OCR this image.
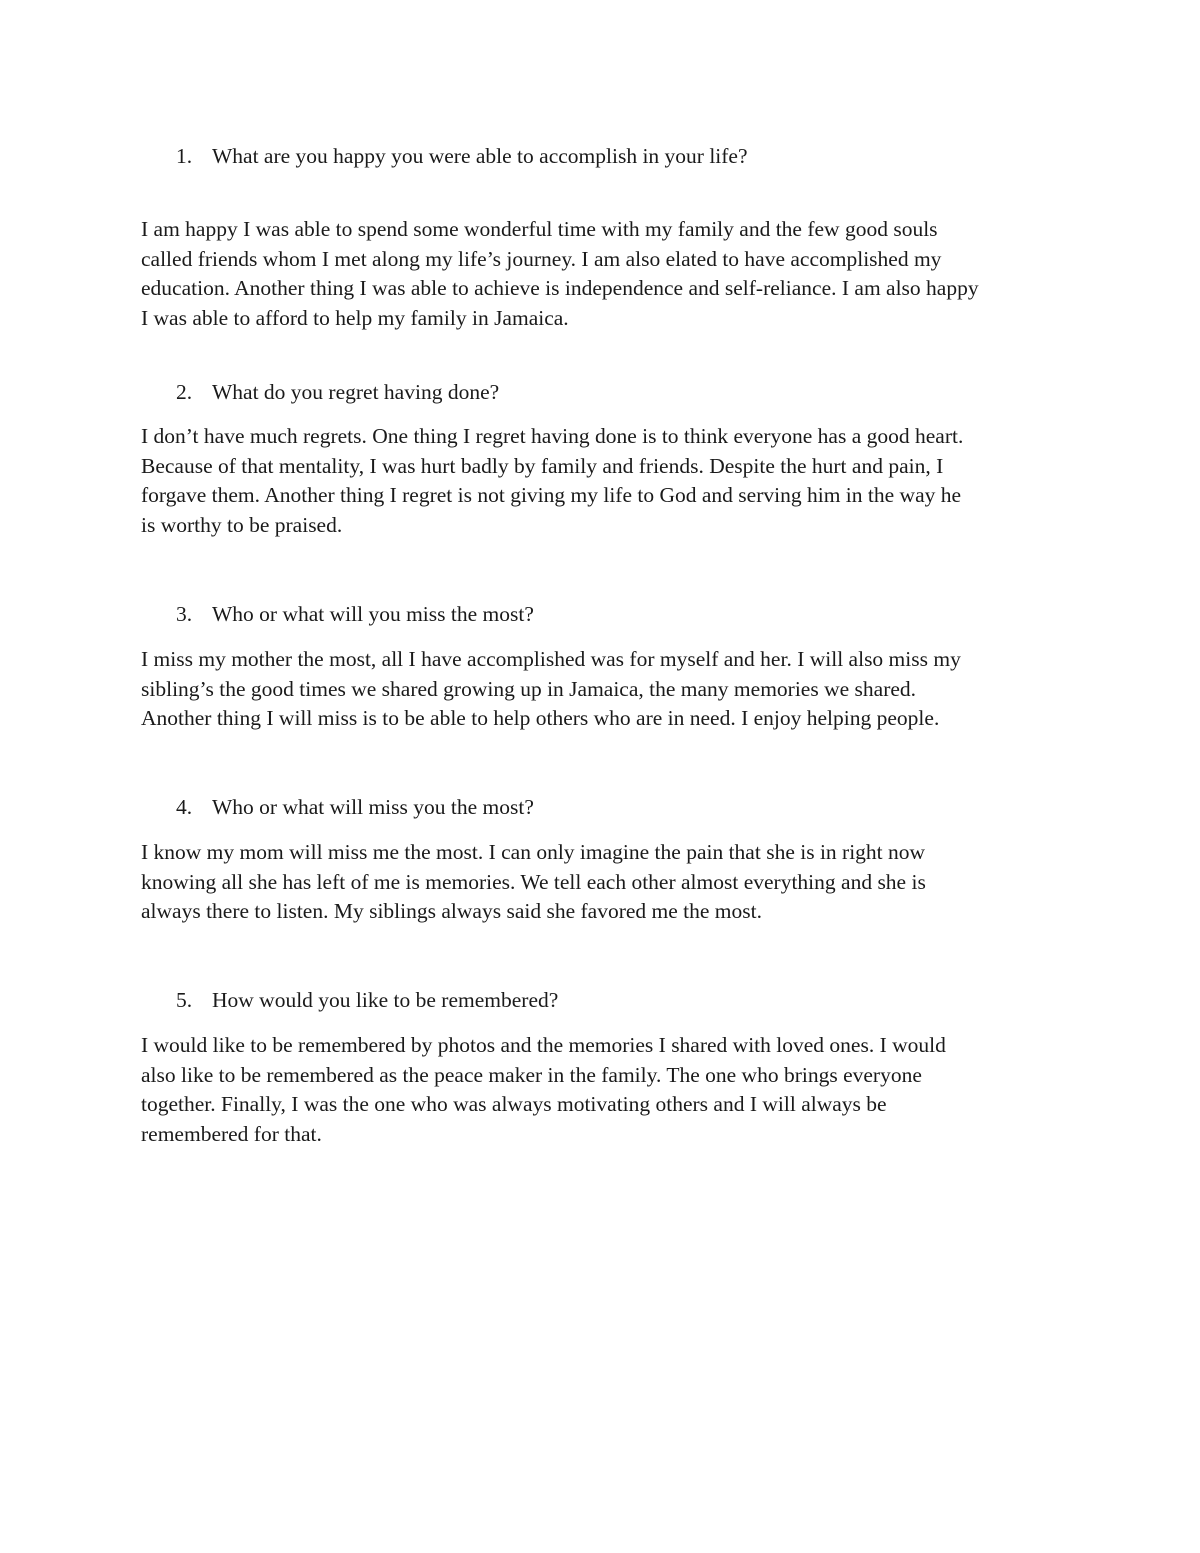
1. What are you happy you were able to accomplish in your life?
I am happy I was able to spend some wonderful time with my family and the few good souls
called friends whom I met along my life’s journey. I am also elated to have accomplished my
education. Another thing I was able to achieve is independence and self-reliance. I am also happy
I was able to afford to help my family in Jamaica.
2. What do you regret having done?
I don’t have much regrets. One thing I regret having done is to think everyone has a good heart.
Because of that mentality, I was hurt badly by family and friends. Despite the hurt and pain, I
forgave them. Another thing I regret is not giving my life to God and serving him in the way he
is worthy to be praised.
3. Who or what will you miss the most?
I miss my mother the most, all I have accomplished was for myself and her. I will also miss my
sibling’s the good times we shared growing up in Jamaica, the many memories we shared.
Another thing I will miss is to be able to help others who are in need. I enjoy helping people.
4. Who or what will miss you the most?
I know my mom will miss me the most. I can only imagine the pain that she is in right now
knowing all she has left of me is memories. We tell each other almost everything and she is
always there to listen. My siblings always said she favored me the most.
5. How would you like to be remembered?
I would like to be remembered by photos and the memories I shared with loved ones. I would
also like to be remembered as the peace maker in the family. The one who brings everyone
together. Finally, I was the one who was always motivating others and I will always be
remembered for that.
